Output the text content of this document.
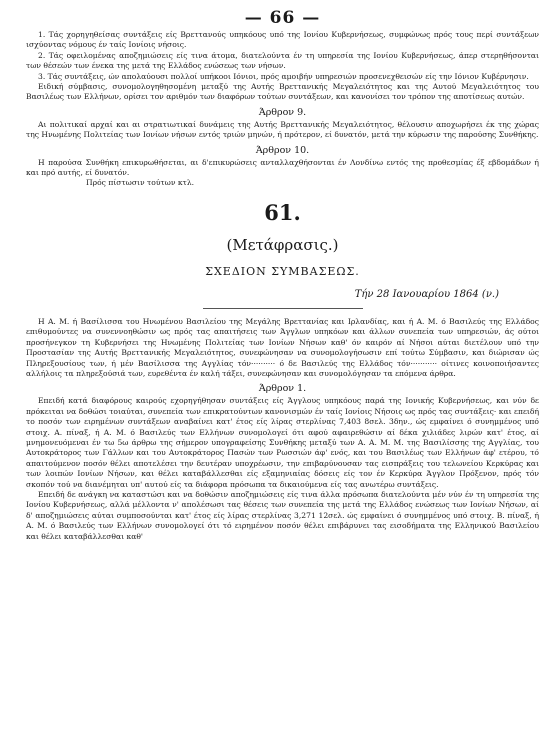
— 66 —

1. Τάς χορηγηθείσας συντάξεις είς Βρεττανούς υπηκόους υπό της Ιονίου Κυβερνήσεως, συμφώνως πρός τους περί συντάξεων ισχύοντας νόμους έν ταίς Ιονίοις νήσοις.

2. Τάς οφειλομένας αποζημιώσεις είς τινα άτομα, διατελούντα έν τη υπηρεσία της Ιονίου Κυβερνήσεως, άπερ στερηθήσονται των θέσεών των ένεκα της μετά της Ελλάδος ενώσεως των νήσων.

3. Τάς συντάξεις, ών απολαύουσι πολλοί υπήκοοι Ιόνιοι, πρός αμοιβήν υπηρεσιών προσενεχθεισών είς την Ιόνιον Κυβέρνησιν.

Ειδική σύμβασις, συνομολογηθησομένη μεταξύ της Αυτής Βρεττανικής Μεγαλειότητος και της Αυτού Μεγαλειότητος του Βασιλέως των Ελλήνων, ορίσει τον αριθμόν των διαφόρων τούτων συντάξεων, και κανονίσει τον τρόπον της αποτίσεως αυτών.

Άρθρον 9.

Αι πολιτικαί αρχαί και αι στρατιωτικαί δυνάμεις της Αυτής Βρεττανικής Μεγαλειότητος, θέλουσιν αποχωρήσει έκ της χώρας της Ηνωμένης Πολιτείας των Ιονίων νήσων εντός τριών μηνών, ή πρότερον, εί δυνατόν, μετά την κύρωσιν της παρούσης Συνθήκης.

Άρθρον 10.

Η παρούσα Συνθήκη επικυρωθήσεται, αι δ'επικυρώσεις ανταλλαχθήσονται έν Λονδίνω εντός της προθεσμίας έξ εβδομάδων ή και πρό αυτής, εί δυνατόν.

Πρός πίστωσιν τούτων κτλ.

61.
(Μετάφρασις.)
ΣΧΕΔΙΟΝ ΣΥΜΒΑΣΕΩΣ.
Τήν 28 Ιανουαρίου 1864 (ν.)

Η Α. Μ. ή Βασίλισσα του Ηνωμένου Βασιλείου της Μεγάλης Βρεττανίας και Ιρλανδίας, και ή Α. Μ. ό Βασιλεύς της Ελλάδος επιθυμούντες να συνεννοηθώσιν ως πρός τας απαιτήσεις των Άγγλων υπηκόων και άλλων συνεπεία των υπηρεσιών, άς ούτοι προσήνεγκον τη Κυβερνήσει της Ηνωμένης Πολιτείας των Ιονίων Νήσων καθ' όν καιρόν αί Νήσοι αύται διετέλουν υπό την Προστασίαν της Αυτής Βρεττανικής Μεγαλειότητος, συνεφώνησαν να συνομολογήσωσιν επί τούτω Σύμβασιν, και διώρισαν ώς Πληρεξουσίους των, ή μέν Βασίλισσα της Αγγλίας τόν·········· ό δε Βασιλεύς της Ελλάδος τόν··········· οίτινες κοινοποιήσαντες αλλήλοις τα πληρεξούσιά των, ευρεθέντα έν καλή τάξει, συνεφώνησαν και συνομολόγησαν τα επόμενα άρθρα.

Άρθρον 1.

Επειδή κατά διαφόρους καιρούς εχορηγήθησαν συντάξεις είς Άγγλους υπηκόους παρά της Ιονικής Κυβερνήσεως, και νύν δε πρόκειται να δοθώσι τοιαύται, συνεπεία των επικρατούντων κανονισμών έν ταίς Ιονίοις Νήσοις ως πρός τας συντάξεις· και επειδή το ποσόν των ειρημένων συντάξεων αναβαίνει κατ' έτος είς λίρας στερλίνας 7,403 8σελ. 3δην., ώς εμφαίνει ό συνημμένος υπό στοιχ. Α. πίναξ, ή Α. Μ. ό Βασιλεύς των Ελλήνων συνομολογεί ότι αφού αφαιρεθώσιν αί δέκα χιλιάδες λιρών κατ' έτος, αί μνημονευόμεναι έν τω 5ω άρθρω της σήμερον υπογραφείσης Συνθήκης μεταξύ των Α. Α. Μ. Μ. της Βασιλίσσης της Αγγλίας, του Αυτοκράτορος των Γάλλων και του Αυτοκράτορος Πασών των Ρωσσιών άφ' ενός, και του Βασιλέως των Ελλήνων άφ' ετέρου, τό απαιτούμενον ποσόν θέλει αποτελέσει την δευτέραν υποχρέωσιν, την επιβαρύνουσαν τας εισπράξεις του τελωνείου Κερκύρας και των λοιπών Ιονίων Νήσων, και θέλει καταβάλλεσθαι είς εξαμηνιαίας δόσεις είς τον έν Κερκύρα Άγγλον Πρόξενον, πρός τόν σκοπόν τού να διανέμηται υπ' αυτού είς τα διάφορα πρόσωπα τα δικαιούμενα είς τας ανωτέρω συντάξεις.

Επειδή δε ανάγκη να καταστώσι και να δοθώσιν αποζημιώσεις είς τινα άλλα πρόσωπα διατελούντα μέν νύν έν τη υπηρεσία της Ιονίου Κυβερνήσεως, αλλά μέλλοντα ν' απολέσωσι τας θέσεις των συνεπεία της μετά της Ελλάδος ενώσεως των Ιονίων Νήσων, αί δ' αποζημιώσεις αύται συμποσούνται κατ' έτος είς λίρας στερλίνας 3,271 12σελ. ώς εμφαίνει ό συνημμένος υπό στοιχ. Β. πίναξ, ή Α. Μ. ό Βασιλεύς των Ελλήνων συνομολογεί ότι τό ειρημένον ποσόν θέλει επιβάρυνει τας εισοδήματα της Ελληνικού Βασιλείου και θέλει καταβάλλεσθαι καθ'
